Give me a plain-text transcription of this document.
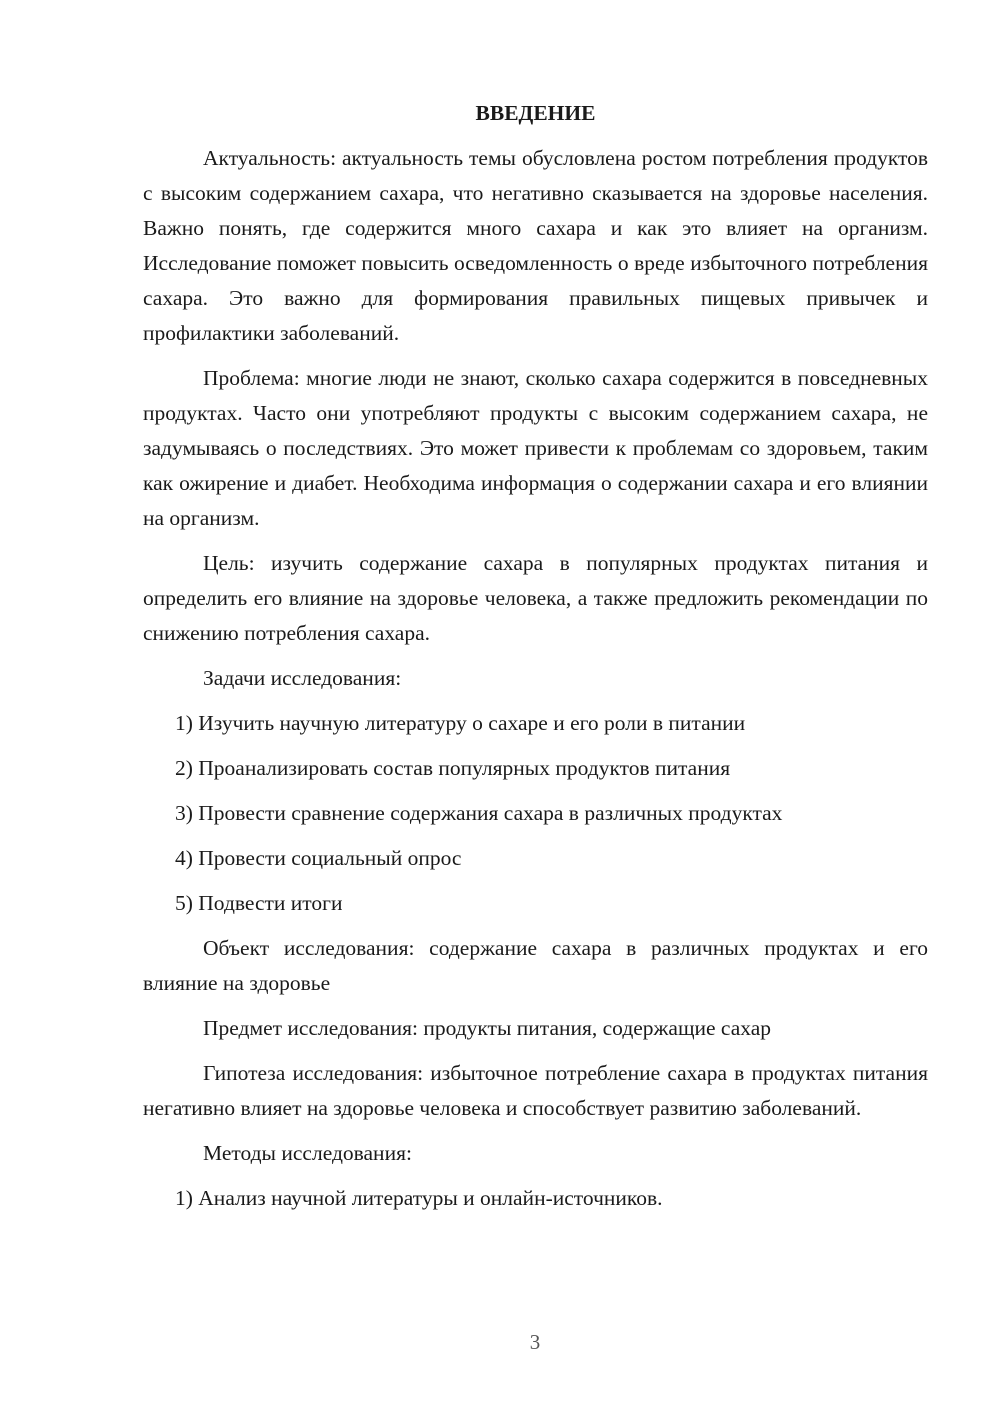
ВВЕДЕНИЕ

Актуальность: актуальность темы обусловлена ростом потребления продуктов с высоким содержанием сахара, что негативно сказывается на здоровье населения. Важно понять, где содержится много сахара и как это влияет на организм. Исследование поможет повысить осведомленность о вреде избыточного потребления сахара. Это важно для формирования правильных пищевых привычек и профилактики заболеваний.

Проблема: многие люди не знают, сколько сахара содержится в повседневных продуктах. Часто они употребляют продукты с высоким содержанием сахара, не задумываясь о последствиях. Это может привести к проблемам со здоровьем, таким как ожирение и диабет. Необходима информация о содержании сахара и его влиянии на организм.

Цель: изучить содержание сахара в популярных продуктах питания и определить его влияние на здоровье человека, а также предложить рекомендации по снижению потребления сахара.

Задачи исследования:

1) Изучить научную литературу о сахаре и его роли в питании

2) Проанализировать состав популярных продуктов питания

3) Провести сравнение содержания сахара в различных продуктах

4) Провести социальный опрос

5) Подвести итоги

Объект исследования: содержание сахара в различных продуктах и его влияние на здоровье

Предмет исследования: продукты питания, содержащие сахар

Гипотеза исследования: избыточное потребление сахара в продуктах питания негативно влияет на здоровье человека и способствует развитию заболеваний.

Методы исследования:

1) Анализ научной литературы и онлайн-источников.

3
